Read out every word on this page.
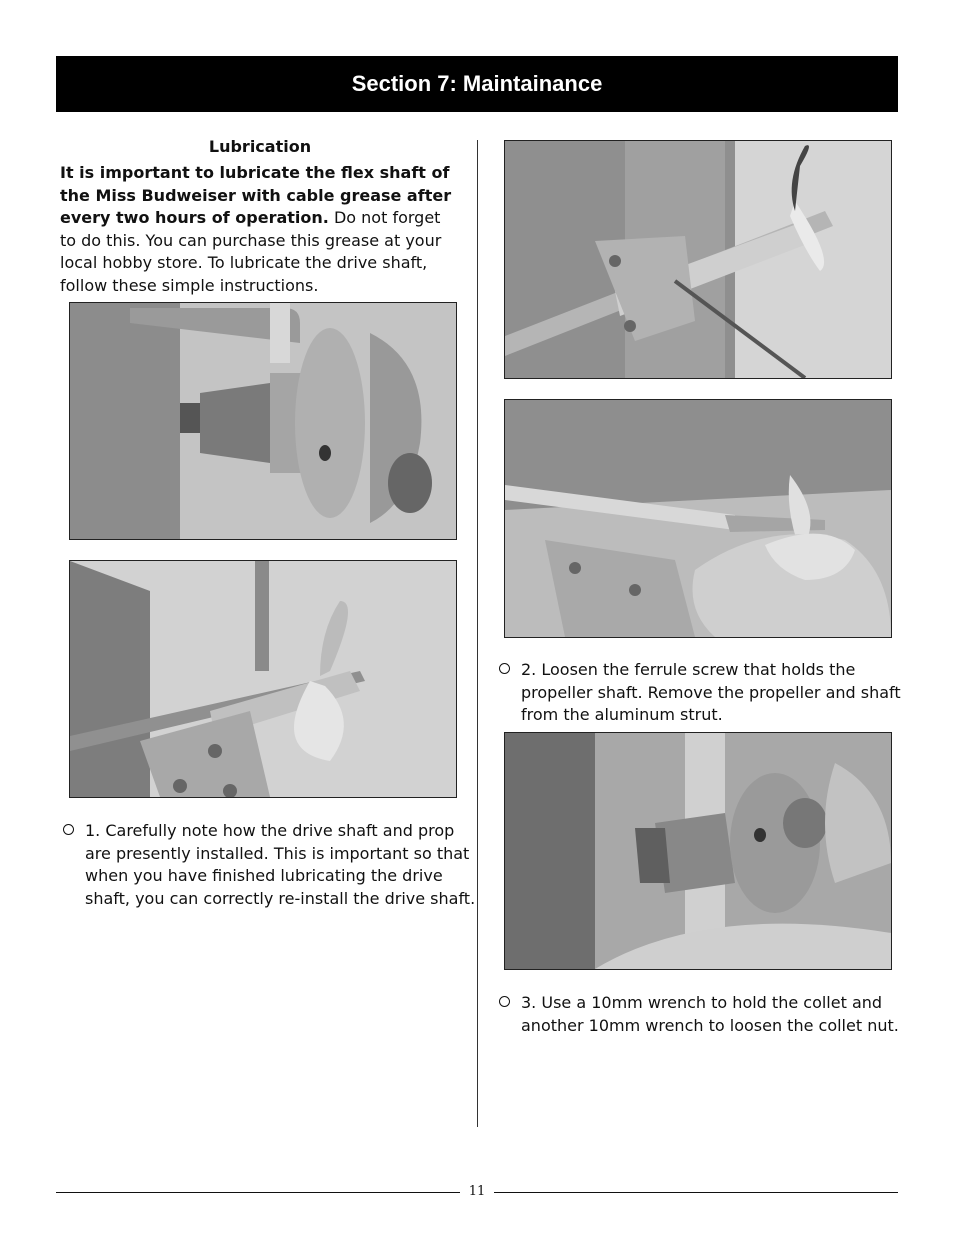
Section 7: Maintainance
Lubrication
It is important to lubricate the flex shaft of the Miss Budweiser with cable grease after every two hours of operation. Do not forget to do this. You can purchase this grease at your local hobby store. To lubricate the drive shaft, follow these simple instructions.
1. Carefully note how the drive shaft and prop are presently installed. This is important so that when you have finished lubricating the drive shaft, you can correctly re-install the drive shaft.
2. Loosen the ferrule screw that holds the propeller shaft. Remove the propeller and shaft from the aluminum strut.
3. Use a 10mm wrench to hold the collet and another 10mm wrench to loosen the collet nut.
11
